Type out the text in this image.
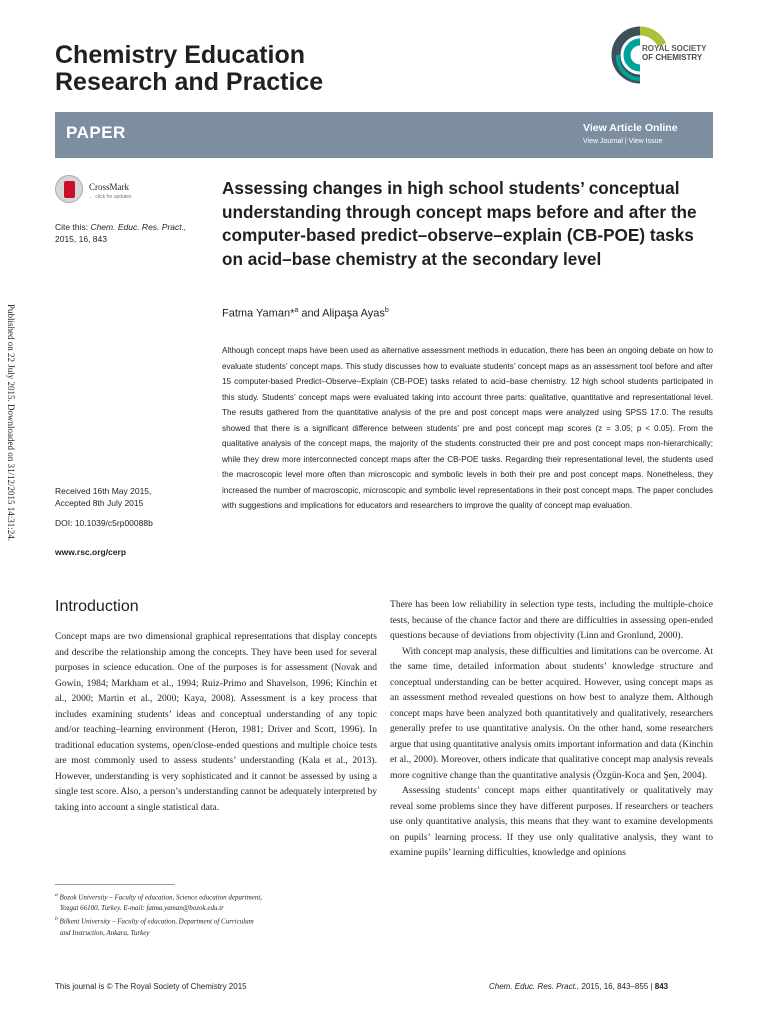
Chemistry Education
Research and Practice
ROYAL SOCIETY
OF CHEMISTRY
PAPER	View Article Online
View Journal | View Issue
CrossMark
← click for updates
Cite this: Chem. Educ. Res. Pract.,
2015, 16, 843
Published on 22 July 2015. Downloaded on 31/12/2015 14:31:24.
Assessing changes in high school students’ conceptual understanding through concept maps before and after the computer-based predict–observe–explain (CB-POE) tasks on acid–base chemistry at the secondary level
Fatma Yaman*$^a$ and Alipaşa Ayas$^b$
Although concept maps have been used as alternative assessment methods in education, there has been an ongoing debate on how to evaluate students’ concept maps. This study discusses how to evaluate students’ concept maps as an assessment tool before and after 15 computer-based Predict–Observe–Explain (CB-POE) tasks related to acid–base chemistry. 12 high school students participated in this study. Students’ concept maps were evaluated taking into account three parts: qualitative, quantitative and representational level. The results gathered from the quantitative analysis of the pre and post concept maps were analyzed using SPSS 17.0. The results showed that there is a significant difference between students’ pre and post concept map scores (z = 3.05; p < 0.05). From the qualitative analysis of the concept maps, the majority of the students constructed their pre and post concept maps non-hierarchically; while they drew more interconnected concept maps after the CB-POE tasks. Regarding their representational level, the students used the macroscopic level more often than microscopic and symbolic levels in both their pre and post concept maps. Nonetheless, they increased the number of macroscopic, microscopic and symbolic level representations in their post concept maps. The paper concludes with suggestions and implications for educators and researchers to improve the quality of concept map evaluation.
Received 16th May 2015,
Accepted 8th July 2015
DOI: 10.1039/c5rp00088b
www.rsc.org/cerp
Introduction

Concept maps are two dimensional graphical representations that display concepts and describe the relationship among the concepts. They have been used for several purposes in science education. One of the purposes is for assessment (Novak and Gowin, 1984; Markham et al., 1994; Ruiz-Primo and Shavelson, 1996; Kinchin et al., 2000; Martin et al., 2000; Kaya, 2008). Assessment is a key process that includes examining students’ ideas and conceptual understanding of any topic and/or teaching–learning environment (Heron, 1981; Driver and Scott, 1996). In traditional education systems, open/close-ended questions and multiple choice tests are most commonly used to assess students’ understanding (Kala et al., 2013). However, understanding is very sophisticated and it cannot be assessed by using a single test score. Also, a person’s understanding cannot be adequately interpreted by taking into account a single statistical data.

There has been low reliability in selection type tests, including the multiple-choice tests, because of the chance factor and there are difficulties in assessing open-ended questions because of deviations from objectivity (Linn and Gronlund, 2000).

With concept map analysis, these difficulties and limitations can be overcome. At the same time, detailed information about students’ knowledge structure and conceptual understanding can be better acquired. However, using concept maps as an assessment method revealed questions on how best to analyze them. Although concept maps have been analyzed both quantitatively and qualitatively, researchers generally prefer to use quantitative analysis. On the other hand, some researchers argue that using quantitative analysis omits important information and data (Kinchin et al., 2000). Moreover, others indicate that qualitative concept map analysis reveals more cognitive change than the quantitative analysis (Özgün-Koca and Şen, 2004).

Assessing students’ concept maps either quantitatively or qualitatively may reveal some problems since they have different purposes. If researchers or teachers use only quantitative analysis, this means that they want to examine developments on pupils’ learning process. If they use only qualitative analysis, they want to examine pupils’ learning difficulties, knowledge and opinions

$^a$ Bozok University – Faculty of education, Science education department,
Yozgat 66100, Turkey. E-mail: fatma.yaman@bozok.edu.tr
$^b$ Bilkent University – Faculty of education, Department of Curriculum
and Instruction, Ankara, Turkey
This journal is © The Royal Society of Chemistry 2015	Chem. Educ. Res. Pract., 2015, 16, 843–855 | 843
